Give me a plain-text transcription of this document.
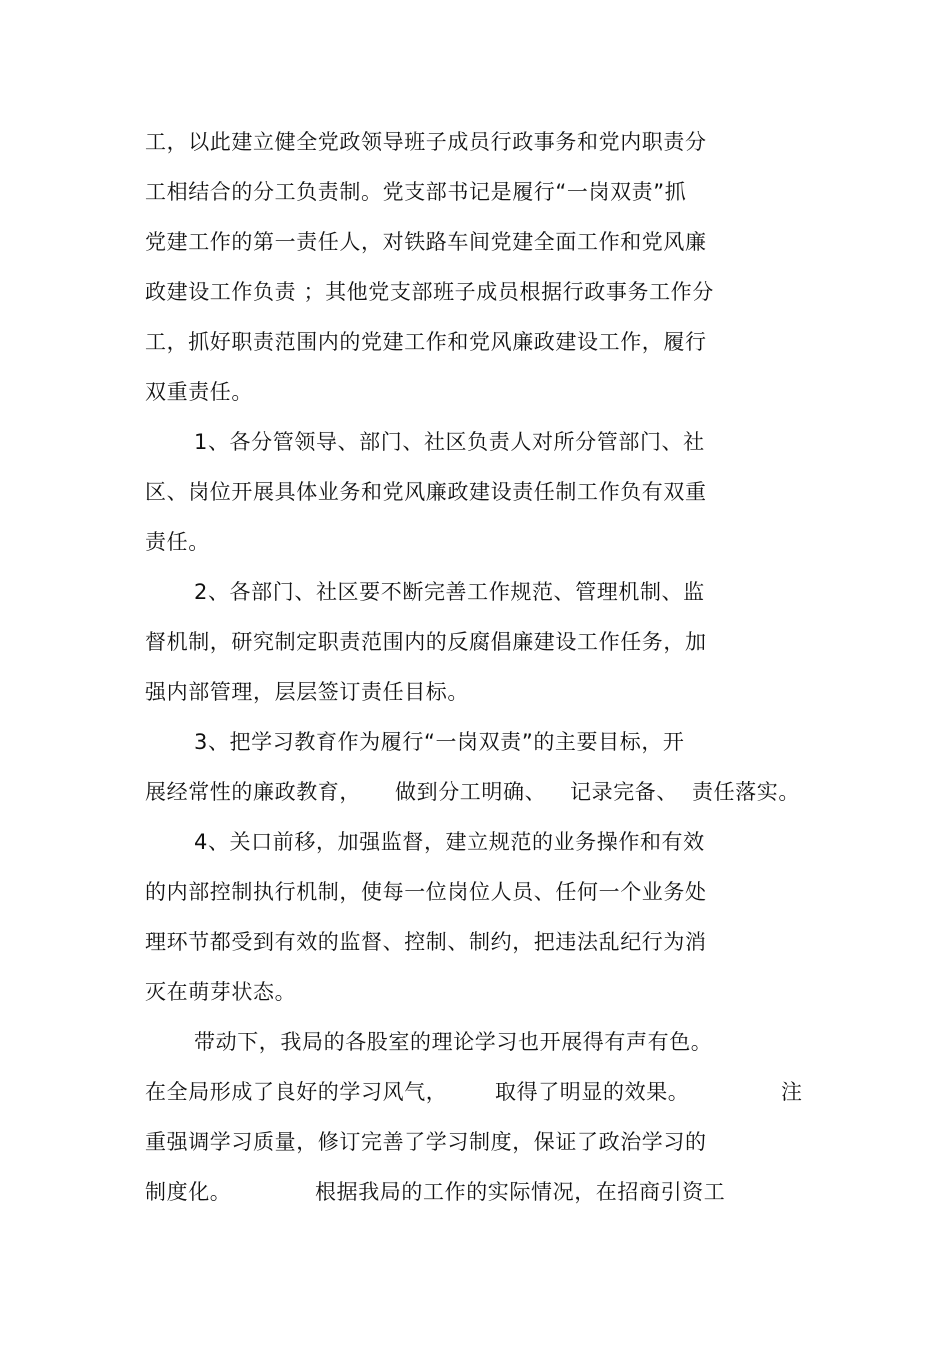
工，以此建立健全党政领导班子成员行政事务和党内职责分
工相结合的分工负责制。党支部书记是履行“一岗双责”抓
党建工作的第一责任人，对铁路车间党建全面工作和党风廉
政建设工作负责 ；其他党支部班子成员根据行政事务工作分
工，抓好职责范围内的党建工作和党风廉政建设工作，履行
双重责任。
1、各分管领导、部门、社区负责人对所分管部门、社
区、岗位开展具体业务和党风廉政建设责任制工作负有双重
责任。
2、各部门、社区要不断完善工作规范、管理机制、监
督机制，研究制定职责范围内的反腐倡廉建设工作任务，加
强内部管理，层层签订责任目标。
3、把学习教育作为履行“一岗双责”的主要目标，开

展经常性的廉政教育，

做到分工明确、

记录完备、

责任落实。

4、关口前移，加强监督，建立规范的业务操作和有效
的内部控制执行机制，使每一位岗位人员、任何一个业务处
理环节都受到有效的监督、控制、制约，把违法乱纪行为消
灭在萌芽状态。
带动下，我局的各股室的理论学习也开展得有声有色。

在全局形成了良好的学习风气，

取得了明显的效果。

	注

重强调学习质量，修订完善了学习制度，保证了政治学习的

制度化。

	根据我局的工作的实际情况，在招商引资工
